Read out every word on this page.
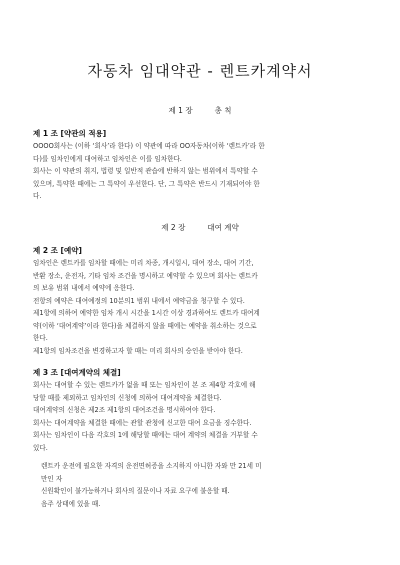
자동차 임대약관 - 렌트카계약서
제 1 장	총 칙
제 1 조 [약관의 적용]

OOOO회사는 (이하 ‘회사’라 한다) 이 약관에 따라 OO자동차(이하 ‘렌트카’라 한

다)를 임차인에게 대여하고 임차인은 이를 임차한다.

회사는 이 약관의 취지, 법령 및 일반적 관습에 반하지 않는 범위에서 특약할 수

있으며, 특약한 때에는 그 특약이 우선한다. 단, 그 특약은 반드시 기재되어야 한

다.

제 2 장	대여 계약
제 2 조 [예약]

임차인은 렌트카를 임차할 때에는 미리 차종, 개시일시, 대여 장소, 대여 기간,

반환 장소, 운전자, 기타 임차 조건을 명시하고 예약할 수 있으며 회사는 렌트카

의 보유 범위 내에서 예약에 응한다.

전항의 예약은 대여예정의 10분의1 범위 내에서 예약금을 청구할 수 있다.

제1항에 의하여 예약한 임차 개시 시간을 1시간 이상 경과하여도 렌트카 대여계

약(이하 ‘대여계약’이라 한다)을 체결하지 않을 때에는 예약을 취소하는 것으로

한다.

제1항의 임차조건을 변경하고자 할 때는 미리 회사의 승인을 받아야 한다.

제 3 조 [대여계약의 체결]

회사는 대여할 수 있는 렌트카가 없을 때 또는 임차인이 본 조 제4항 각호에 해

당할 때를 제외하고 임차인의 신청에 의하여 대여계약을 체결한다.

대여계약의 신청은 제2조 제1항의 대여조건을 명시하여야 한다.

회사는 대여계약을 체결한 때에는 관할 관청에 신고한 대여 요금을 징수한다.

회사는 임차인이 다음 각호의 1에 해당할 때에는 대여 계약의 체결을 거부할 수

있다.

렌트카 운전에 필요한 자격의 운전면허증을 소지하지 아니한 자와 만 21세 미

만인 자

신원확인이 불가능하거나 회사의 질문이나 자료 요구에 불응할 때.

음주 상태에 있을 때.
